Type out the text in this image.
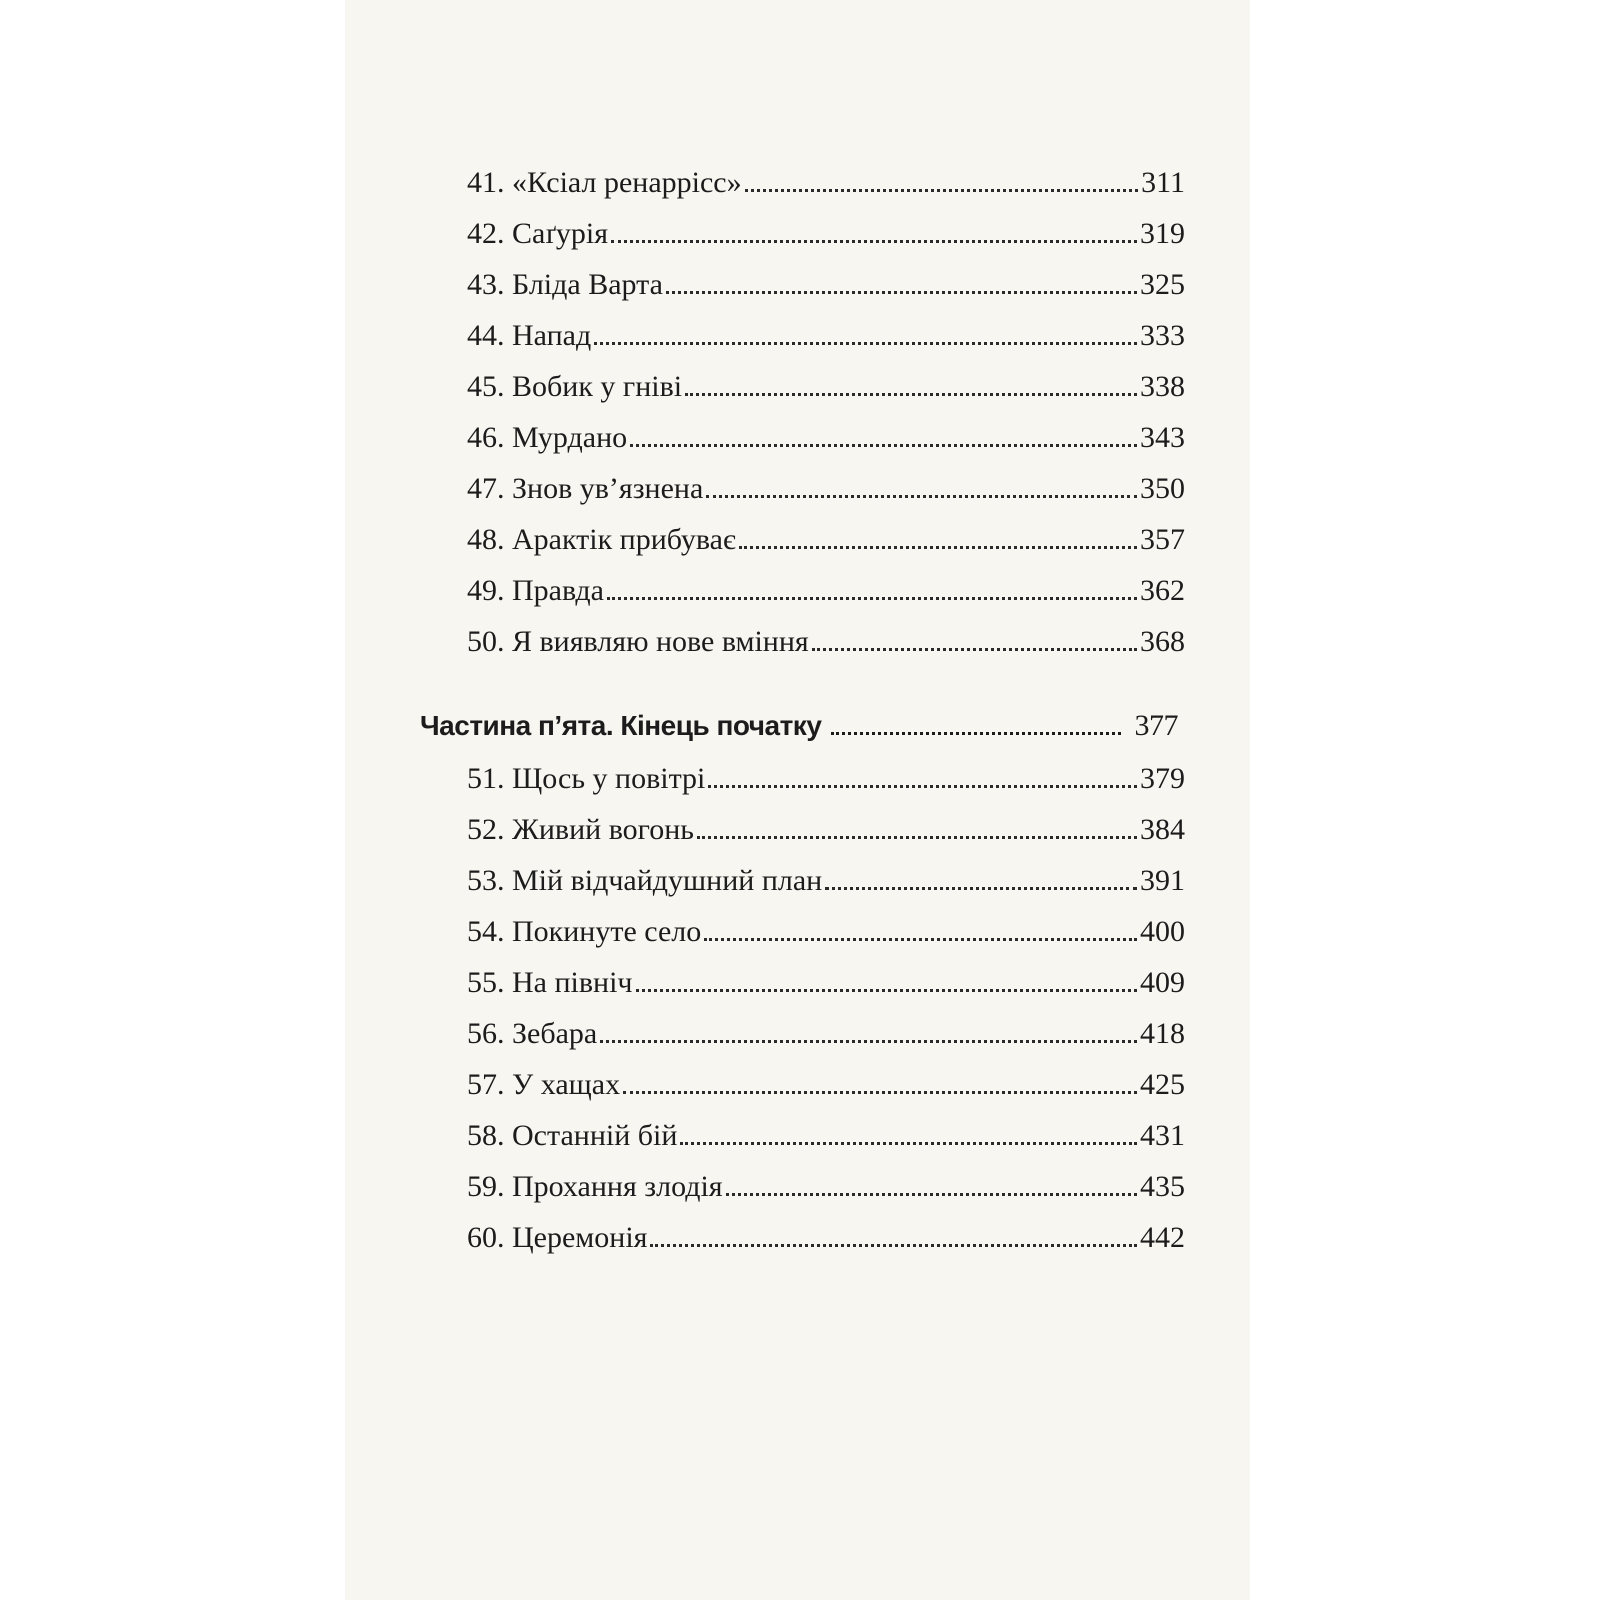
41. «Ксіал ренаррісс»	311
42. Саґурія	319
43. Бліда Варта	325
44. Напад	333
45. Вобик у гніві	338
46. Мурдано	343
47. Знов ув’язнена	350
48. Арактік прибуває	357
49. Правда	362
50. Я виявляю нове вміння	368
Частина п’ята. Кінець початку	377
51. Щось у повітрі	379
52. Живий вогонь	384
53. Мій відчайдушний план	391
54. Покинуте село	400
55. На північ	409
56. Зебара	418
57. У хащах	425
58. Останній бій	431
59. Прохання злодія	435
60. Церемонія	442
